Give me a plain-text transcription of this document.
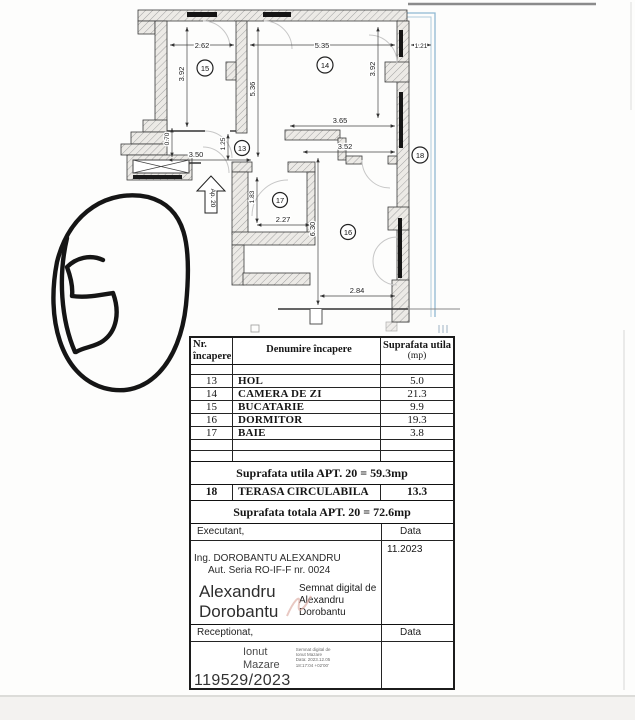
Ap. 20
2.62	5.35	1.21
3.92
5.36
3.92
3.65
3.52
3.50
1.25
0.70
1.83
2.27
6.30
2.84
15	14
13
17
16
18
Nr.
încapere
Denumire încapere	Suprafata utila
(mp)
13	HOL	5.0
14	CAMERA DE ZI	21.3
15	BUCATARIE	9.9
16	DORMITOR	19.3
17	BAIE	3.8
Suprafata utila APT. 20 = 59.3mp
18	TERASA CIRCULABILA	13.3
Suprafata totala APT. 20 = 72.6mp
Executant,	Data
Ing. DOROBANTU ALEXANDRU
Aut. Seria RO-IF-F nr. 0024
Alexandru
Dorobantu
Semnat digital de Alexandru Dorobantu
11.2023
Receptionat,	Data
Ionut
Mazare
Semnat digital de
Ionut Mazare
Data: 2023.12.05
18:17:04 +02'00'
119529/2023
